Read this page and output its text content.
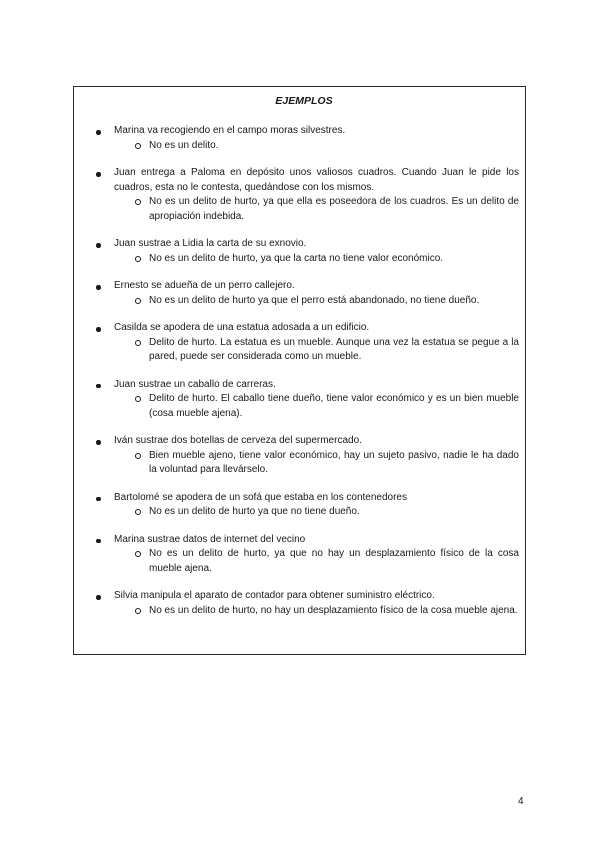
EJEMPLOS
Marina va recogiendo en el campo moras silvestres.
No es un delito.
Juan entrega a Paloma en depósito unos valiosos cuadros. Cuando Juan le pide los cuadros, esta no le contesta, quedándose con los mismos.
No es un delito de hurto, ya que ella es poseedora de los cuadros. Es un delito de apropiación indebida.
Juan sustrae a Lidia la carta de su exnovio.
No es un delito de hurto, ya que la carta no tiene valor económico.
Ernesto se adueña de un perro callejero.
No es un delito de hurto ya que el perro está abandonado, no tiene dueño.
Casilda se apodera de una estatua adosada a un edificio.
Delito de hurto. La estatua es un mueble. Aunque una vez la estatua se pegue a la pared, puede ser considerada como un mueble.
Juan sustrae un caballo de carreras.
Delito de hurto. El caballo tiene dueño, tiene valor económico y es un bien mueble (cosa mueble ajena).
Iván sustrae dos botellas de cerveza del supermercado.
Bien mueble ajeno, tiene valor económico, hay un sujeto pasivo, nadie le ha dado la voluntad para llevárselo.
Bartolomé se apodera de un sofá que estaba en los contenedores
No es un delito de hurto ya que no tiene dueño.
Marina sustrae datos de internet del vecino
No es un delito de hurto, ya que no hay un desplazamiento físico de la cosa mueble ajena.
Silvia manipula el aparato de contador para obtener suministro eléctrico.
No es un delito de hurto, no hay un desplazamiento físico de la cosa mueble ajena.
4
